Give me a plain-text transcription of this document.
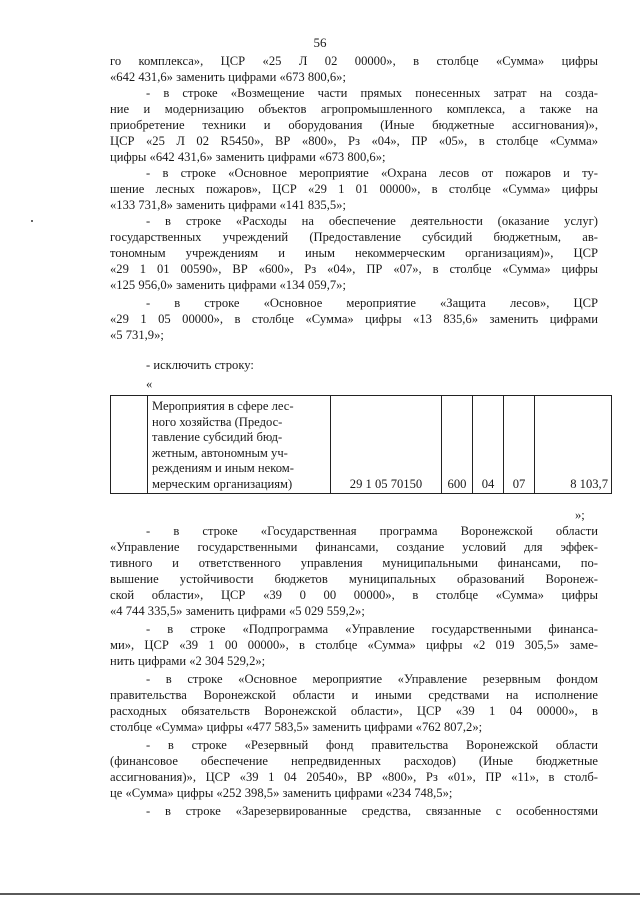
56
го комплекса», ЦСР «25 Л 02 00000», в столбце «Сумма» цифры
«642 431,6» заменить цифрами «673 800,6»;
- в строке «Возмещение части прямых понесенных затрат на созда-
ние и модернизацию объектов агропромышленного комплекса, а также на
приобретение техники и оборудования (Иные бюджетные ассигнования)»,
ЦСР «25 Л 02 R5450», ВР «800», Рз «04», ПР «05», в столбце «Сумма»
цифры «642 431,6» заменить цифрами «673 800,6»;
- в строке «Основное мероприятие «Охрана лесов от пожаров и ту-
шение лесных пожаров», ЦСР «29 1 01 00000», в столбце «Сумма» цифры
«133 731,8» заменить цифрами «141 835,5»;
- в строке «Расходы на обеспечение деятельности (оказание услуг)
государственных учреждений (Предоставление субсидий бюджетным, ав-
тономным учреждениям и иным некоммерческим организациям)», ЦСР
«29 1 01 00590», ВР «600», Рз «04», ПР «07», в столбце «Сумма» цифры
«125 956,0» заменить цифрами «134 059,7»;
- в строке «Основное мероприятие «Защита лесов», ЦСР
«29 1 05 00000», в столбце «Сумма» цифры «13 835,6» заменить цифрами
«5 731,9»;
- исключить строку:
«

Мероприятия в сфере лес-
ного хозяйства (Предос-
тавление субсидий бюд-
жетным, автономным уч-
реждениям и иным неком-
мерческим организациям)	29 1 05 70150	600	04	07	8 103,7
»;
- в строке «Государственная программа Воронежской области
«Управление государственными финансами, создание условий для эффек-
тивного и ответственного управления муниципальными финансами, по-
вышение устойчивости бюджетов муниципальных образований Воронеж-
ской области», ЦСР «39 0 00 00000», в столбце «Сумма» цифры
«4 744 335,5» заменить цифрами «5 029 559,2»;
- в строке «Подпрограмма «Управление государственными финанса-
ми», ЦСР «39 1 00 00000», в столбце «Сумма» цифры «2 019 305,5» заме-
нить цифрами «2 304 529,2»;
- в строке «Основное мероприятие «Управление резервным фондом
правительства Воронежской области и иными средствами на исполнение
расходных обязательств Воронежской области», ЦСР «39 1 04 00000», в
столбце «Сумма» цифры «477 583,5» заменить цифрами «762 807,2»;
- в строке «Резервный фонд правительства Воронежской области
(финансовое обеспечение непредвиденных расходов) (Иные бюджетные
ассигнования)», ЦСР «39 1 04 20540», ВР «800», Рз «01», ПР «11», в столб-
це «Сумма» цифры «252 398,5» заменить цифрами «234 748,5»;
- в строке «Зарезервированные средства, связанные с особенностями
